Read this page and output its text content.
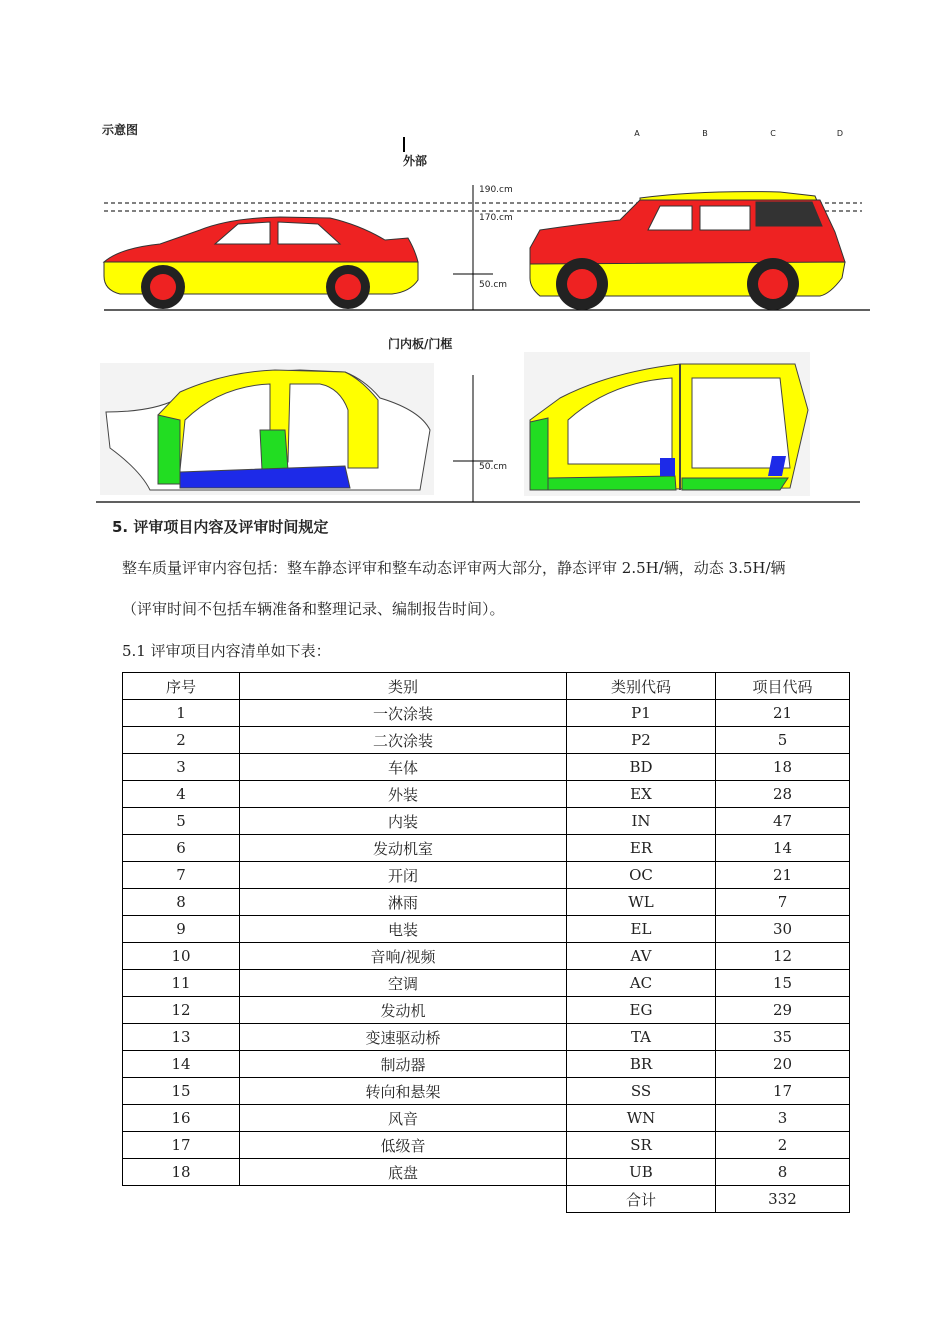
示意图	A	B	C	D
外部
190.cm
170.cm
50.cm
门内板/门框
50.cm
5. 评审项目内容及评审时间规定
整车质量评审内容包括：整车静态评审和整车动态评审两大部分，静态评审 2.5H/辆，动态 3.5H/辆
（评审时间不包括车辆准备和整理记录、编制报告时间）。
5.1 评审项目内容清单如下表：
序号	类别	类别代码	项目代码
1	一次涂装	P1	21
2	二次涂装	P2	5
3	车体	BD	18
4	外装	EX	28
5	内装	IN	47
6	发动机室	ER	14
7	开闭	OC	21
8	淋雨	WL	7
9	电装	EL	30
10	音响/视频	AV	12
11	空调	AC	15
12	发动机	EG	29
13	变速驱动桥	TA	35
14	制动器	BR	20
15	转向和悬架	SS	17
16	风音	WN	3
17	低级音	SR	2
18	底盘	UB	8
		合计	332
